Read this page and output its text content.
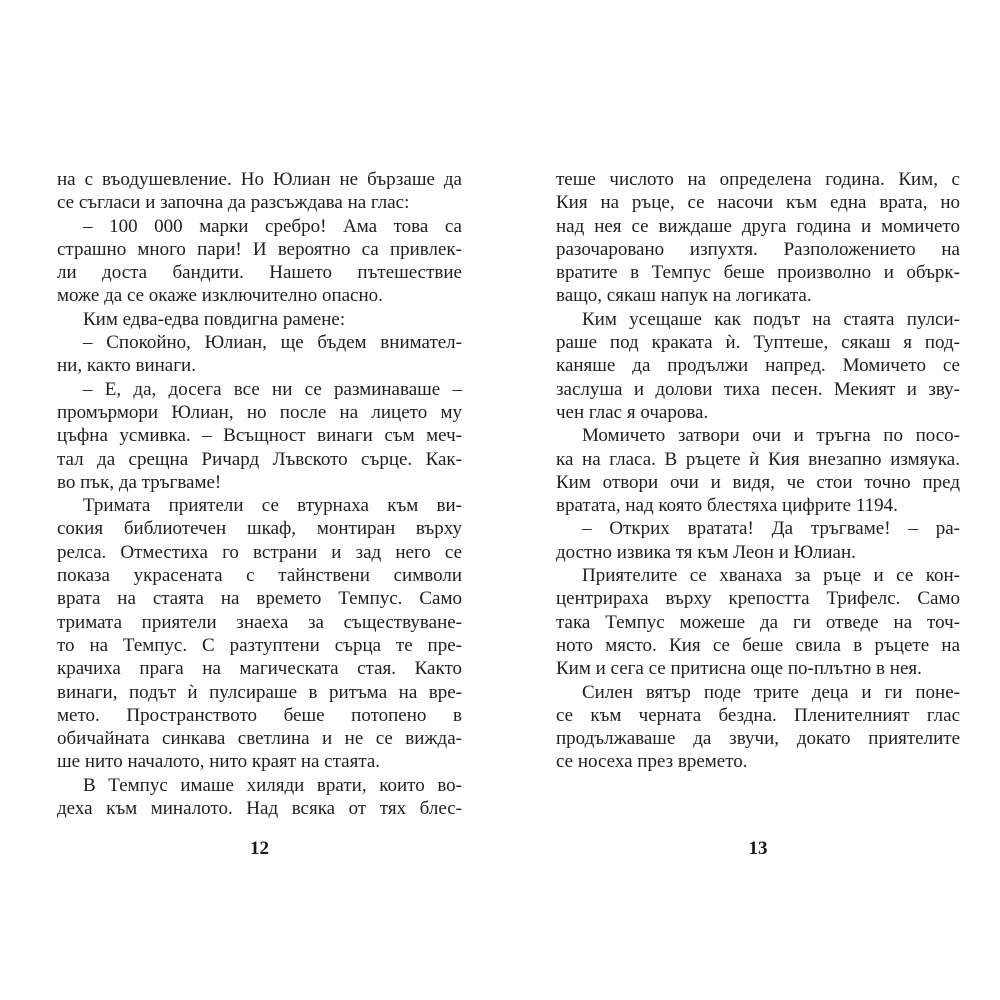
на с въодушевление. Но Юлиан не бързаше да
се съгласи и започна да разсъждава на глас:
– 100 000 марки сребро! Ама това са
страшно много пари! И вероятно са привлек-
ли доста бандити. Нашето пътешествие
може да се окаже изключително опасно.
Ким едва-едва повдигна рамене:
– Спокойно, Юлиан, ще бъдем внимател-
ни, както винаги.
– Е, да, досега все ни се разминаваше –
промърмори Юлиан, но после на лицето му
цъфна усмивка. – Всъщност винаги съм меч-
тал да срещна Ричард Лъвското сърце. Как-
во пък, да тръгваме!
Тримата приятели се втурнаха към ви-
сокия библиотечен шкаф, монтиран върху
релса. Отместиха го встрани и зад него се
показа украсената с тайнствени символи
врата на стаята на времето Темпус. Само
тримата приятели знаеха за съществуване-
то на Темпус. С разтуптени сърца те пре-
крачиха прага на магическата стая. Както
винаги, подът ѝ пулсираше в ритъма на вре-
мето. Пространството беше потопено в
обичайната синкава светлина и не се вижда-
ше нито началото, нито краят на стаята.
В Темпус имаше хиляди врати, които во-
деха към миналото. Над всяка от тях блес-
12
теше числото на определена година. Ким, с
Кия на ръце, се насочи към една врата, но
над нея се виждаше друга година и момичето
разочаровано изпухтя. Разположението на
вратите в Темпус беше произволно и обърк-
ващо, сякаш напук на логиката.
Ким усещаше как подът на стаята пулси-
раше под краката ѝ. Туптеше, сякаш я под-
каняше да продължи напред. Момичето се
заслуша и долови тиха песен. Мекият и зву-
чен глас я очарова.
Момичето затвори очи и тръгна по посо-
ка на гласа. В ръцете ѝ Кия внезапно измяука.
Ким отвори очи и видя, че стои точно пред
вратата, над която блестяха цифрите 1194.
– Открих вратата! Да тръгваме! – ра-
достно извика тя към Леон и Юлиан.
Приятелите се хванаха за ръце и се кон-
центрираха върху крепостта Трифелс. Само
така Темпус можеше да ги отведе на точ-
ното място. Кия се беше свила в ръцете на
Ким и сега се притисна още по-плътно в нея.
Силен вятър поде трите деца и ги поне-
се към черната бездна. Пленителният глас
продължаваше да звучи, докато приятелите
се носеха през времето.
13
